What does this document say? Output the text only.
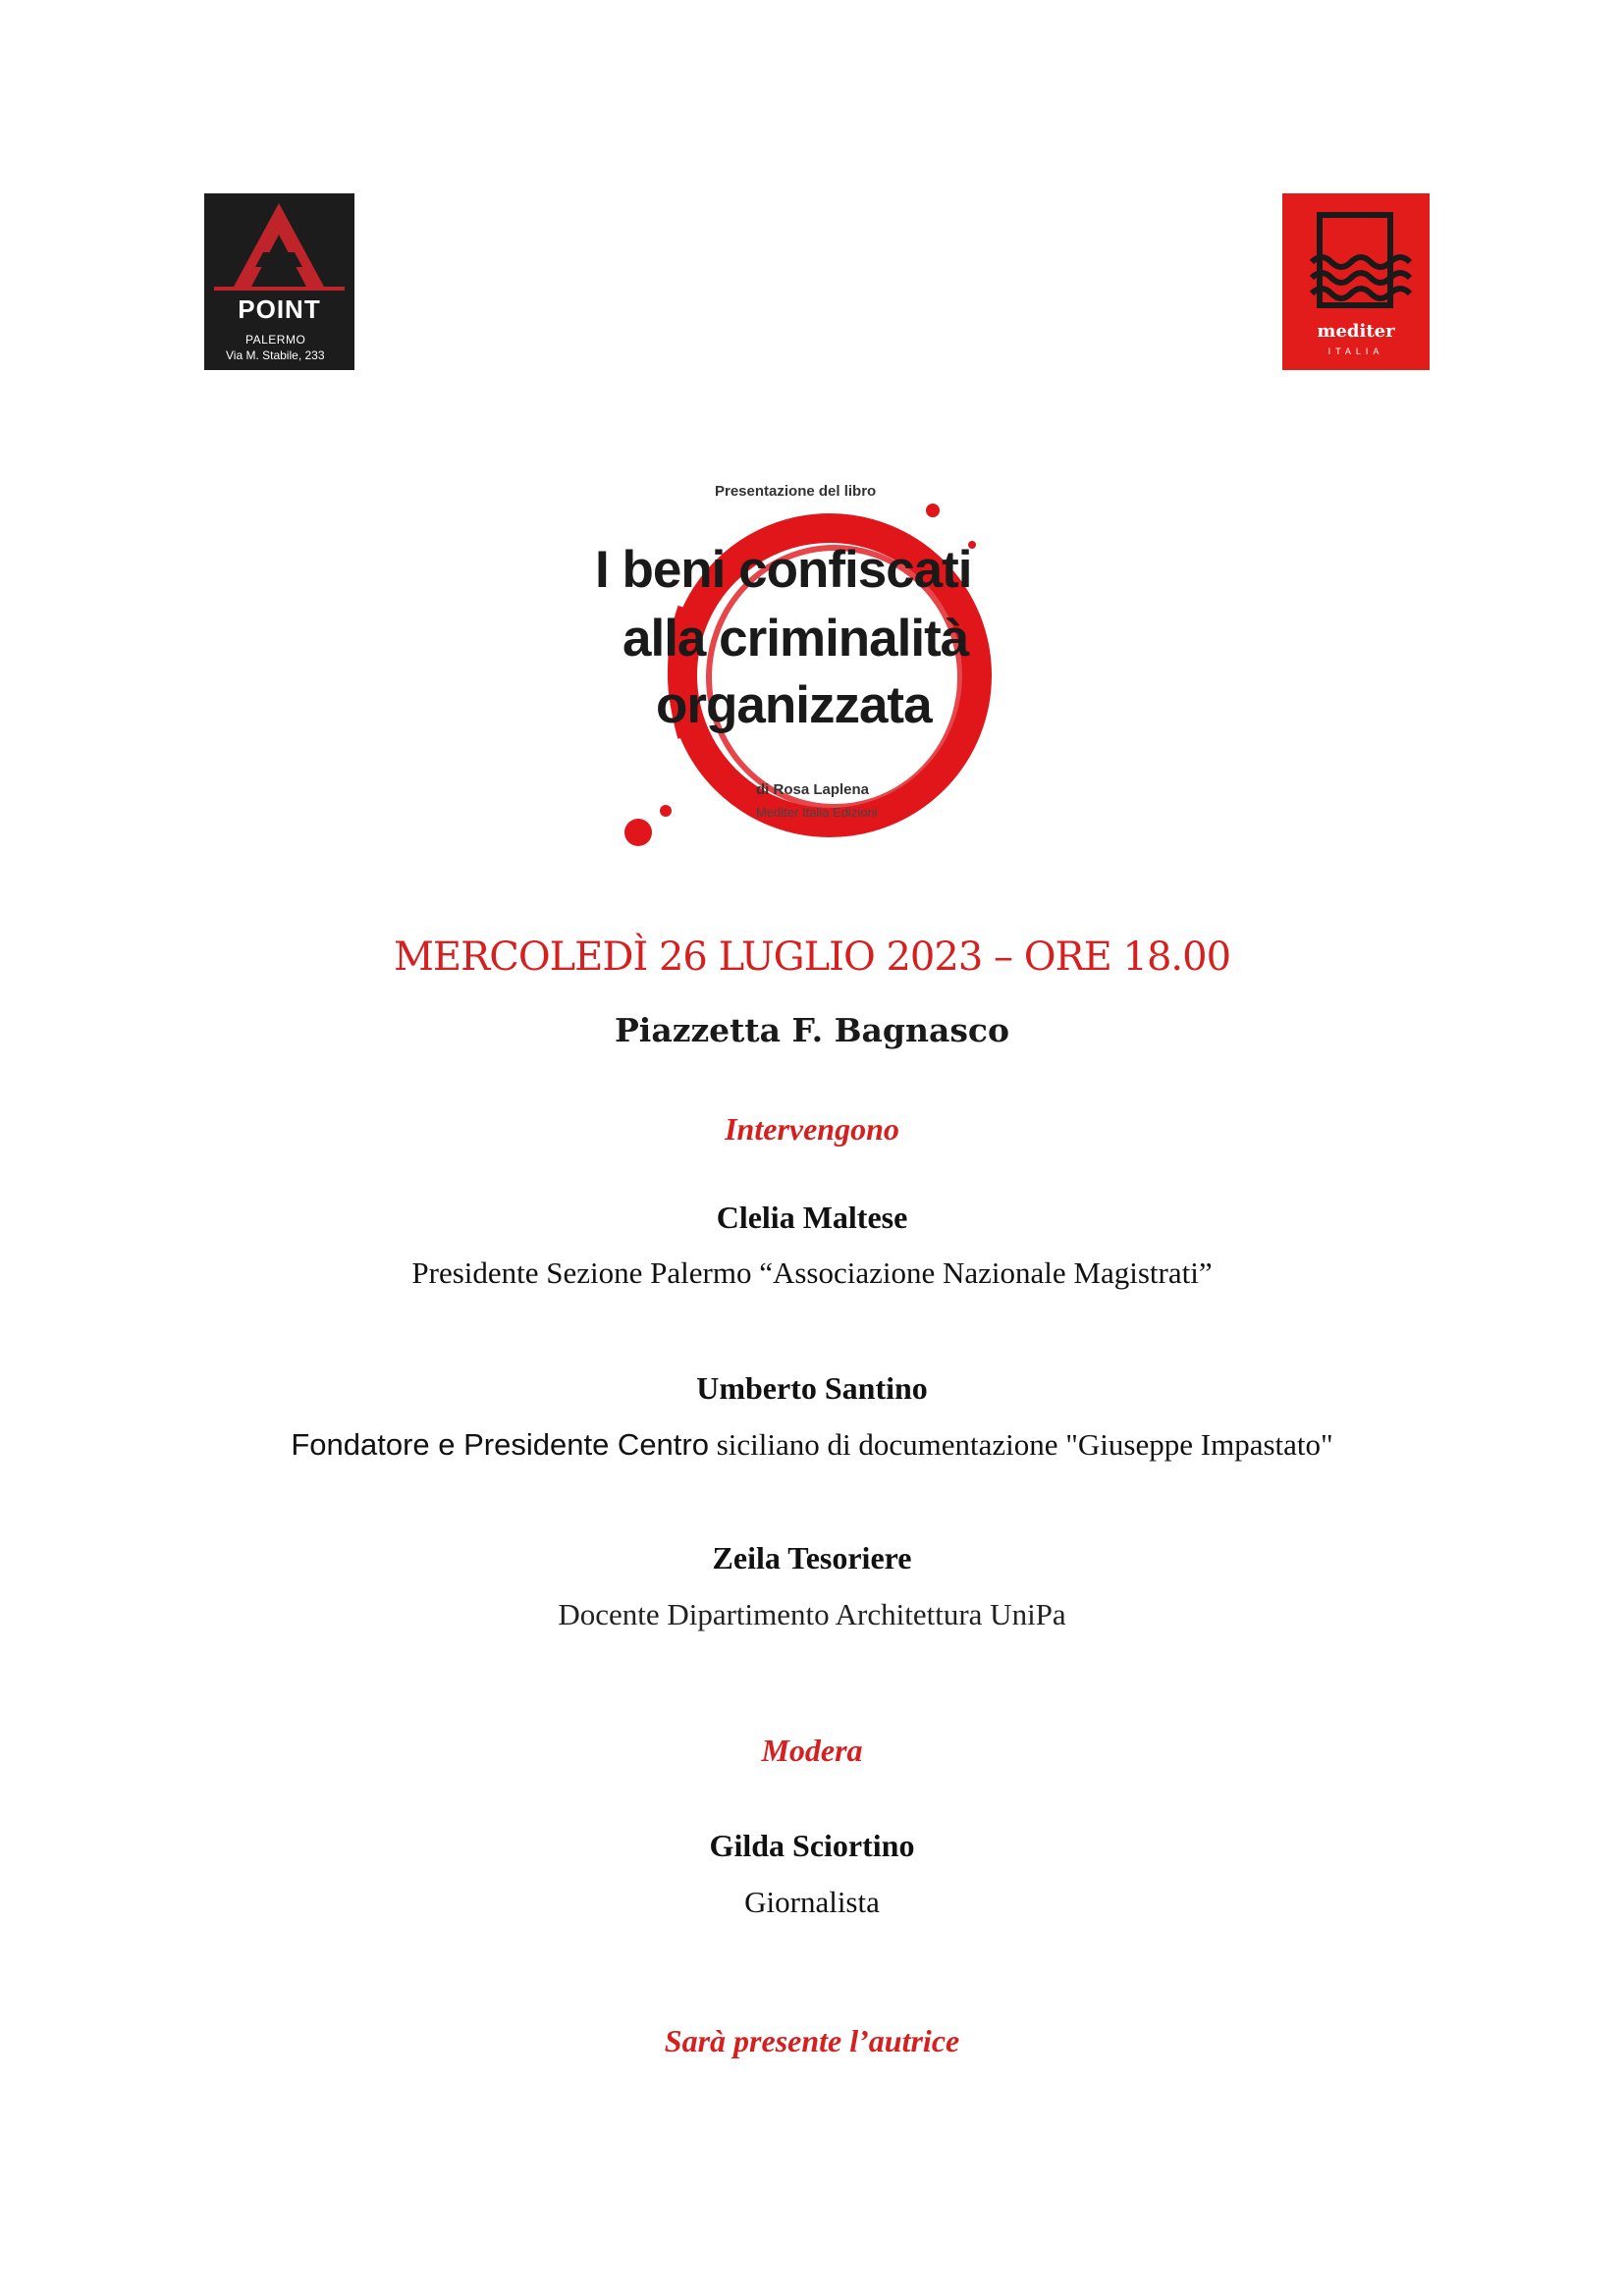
POINT
PALERMO
Via M. Stabile, 233
mediter
ITALIA
Presentazione del libro
I beni confiscati
alla criminalità
organizzata
di Rosa Laplena
Mediter Italia Edizioni
MERCOLEDÌ 26 LUGLIO 2023 – ORE 18.00
Piazzetta F. Bagnasco
Intervengono
Clelia Maltese
Presidente Sezione Palermo “Associazione Nazionale Magistrati”
Umberto Santino
Fondatore e Presidente Centro siciliano di documentazione "Giuseppe Impastato"
Zeila Tesoriere
Docente Dipartimento Architettura UniPa
Modera
Gilda Sciortino
Giornalista
Sarà presente l’autrice
